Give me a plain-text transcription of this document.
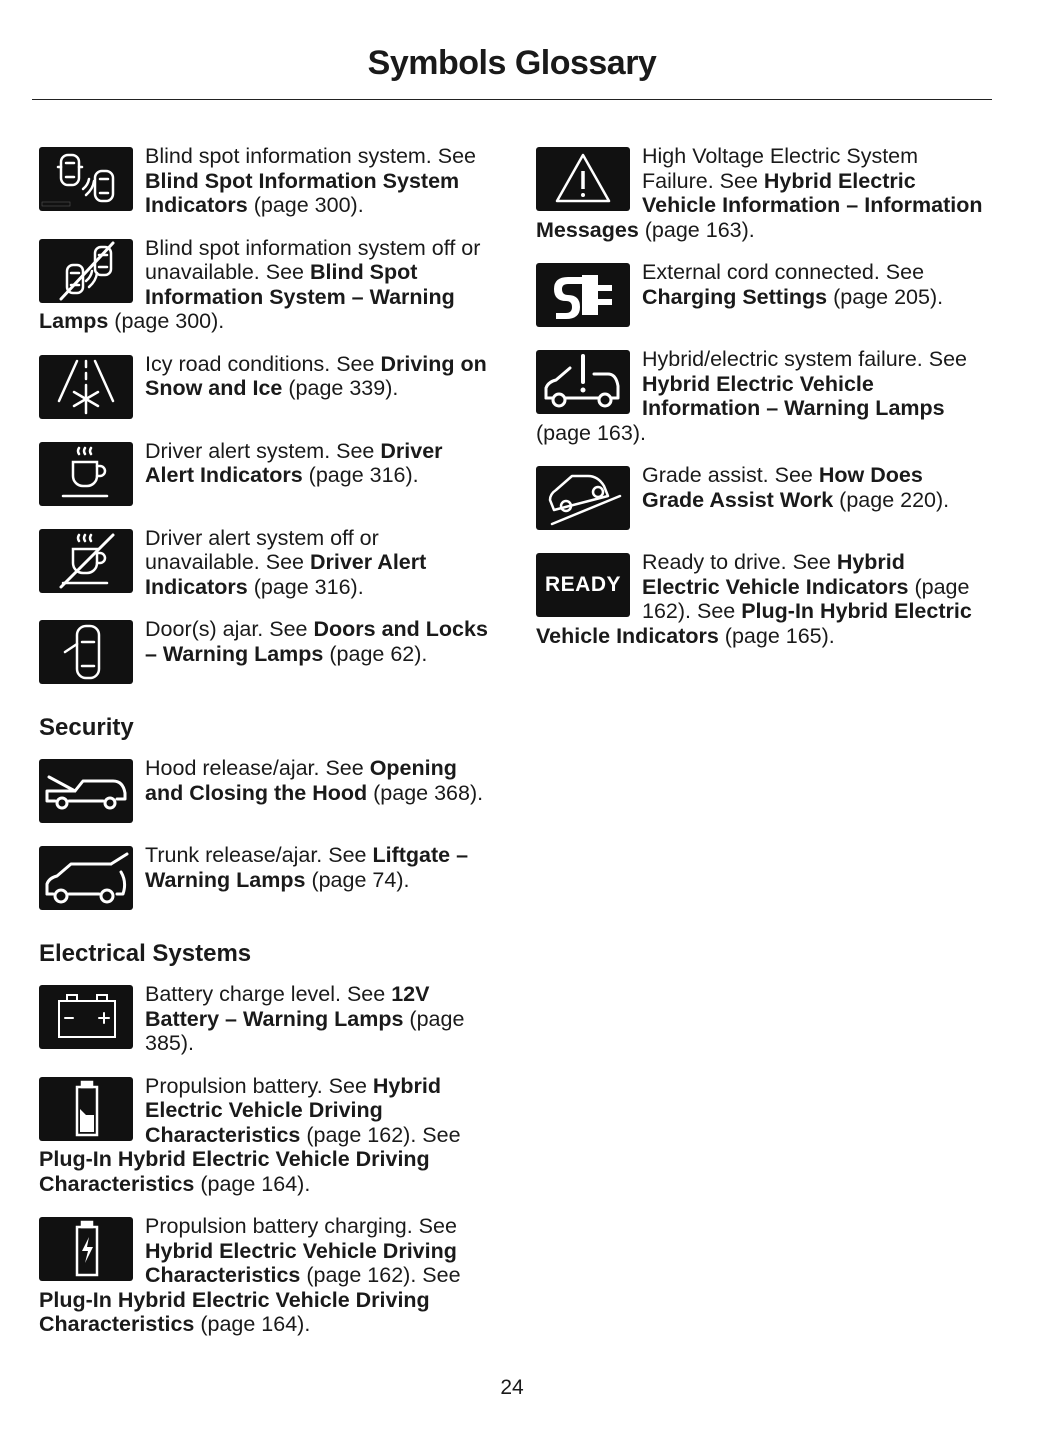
Symbols Glossary
Blind spot information system. See Blind Spot Information System Indicators (page 300).
Blind spot information system off or unavailable. See Blind Spot Information System – Warning Lamps (page 300).
Icy road conditions. See Driving on Snow and Ice (page 339).
Driver alert system. See Driver Alert Indicators (page 316).
Driver alert system off or unavailable. See Driver Alert Indicators (page 316).
Door(s) ajar. See Doors and Locks – Warning Lamps (page 62).
Security
Hood release/ajar. See Opening and Closing the Hood (page 368).
Trunk release/ajar. See Liftgate – Warning Lamps (page 74).
Electrical Systems
Battery charge level. See 12V Battery – Warning Lamps (page 385).
Propulsion battery. See Hybrid Electric Vehicle Driving Characteristics (page 162). See Plug-In Hybrid Electric Vehicle Driving Characteristics (page 164).
Propulsion battery charging. See Hybrid Electric Vehicle Driving Characteristics (page 162). See Plug-In Hybrid Electric Vehicle Driving Characteristics (page 164).
High Voltage Electric System Failure. See Hybrid Electric Vehicle Information – Information Messages (page 163).
External cord connected. See Charging Settings (page 205).
Hybrid/electric system failure. See Hybrid Electric Vehicle Information – Warning Lamps (page 163).
Grade assist. See How Does Grade Assist Work (page 220).
READY
Ready to drive. See Hybrid Electric Vehicle Indicators (page 162). See Plug-In Hybrid Electric Vehicle Indicators (page 165).
24
